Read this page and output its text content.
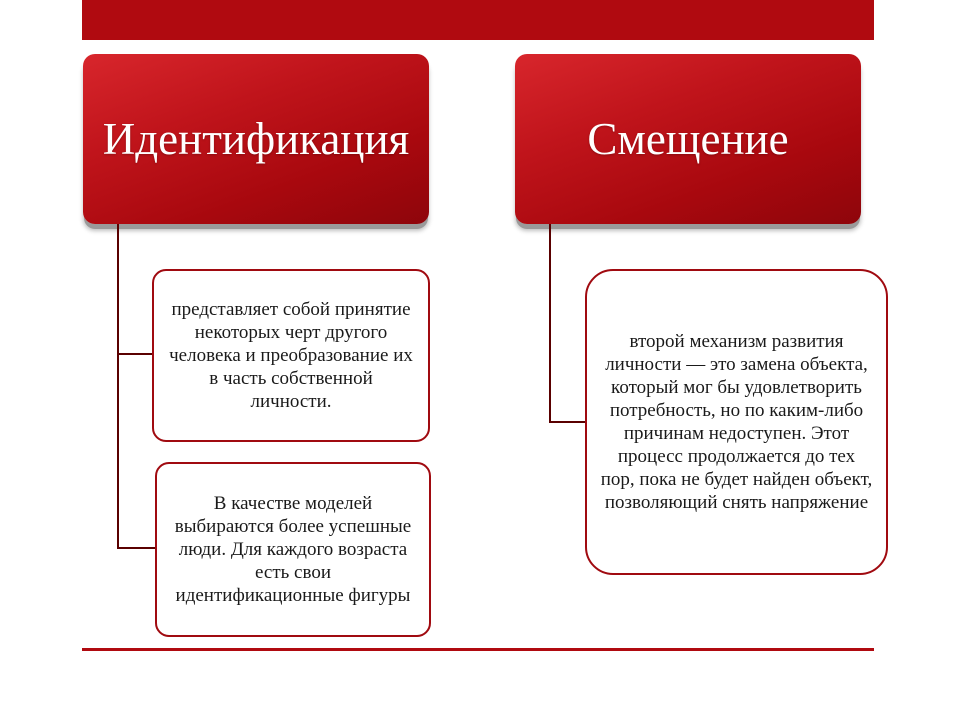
Идентификация	Смещение
представляет собой принятие некоторых черт другого человека и преобразование их в часть собственной личности.
В качестве моделей выбираются более успешные люди. Для каждого возраста есть свои идентификационные фигуры
второй механизм развития личности — это замена объекта, который мог бы удовлетворить потребность, но по каким-либо причинам недоступен. Этот процесс продолжается до тех пор, пока не будет найден объект, позволяющий снять напряжение
